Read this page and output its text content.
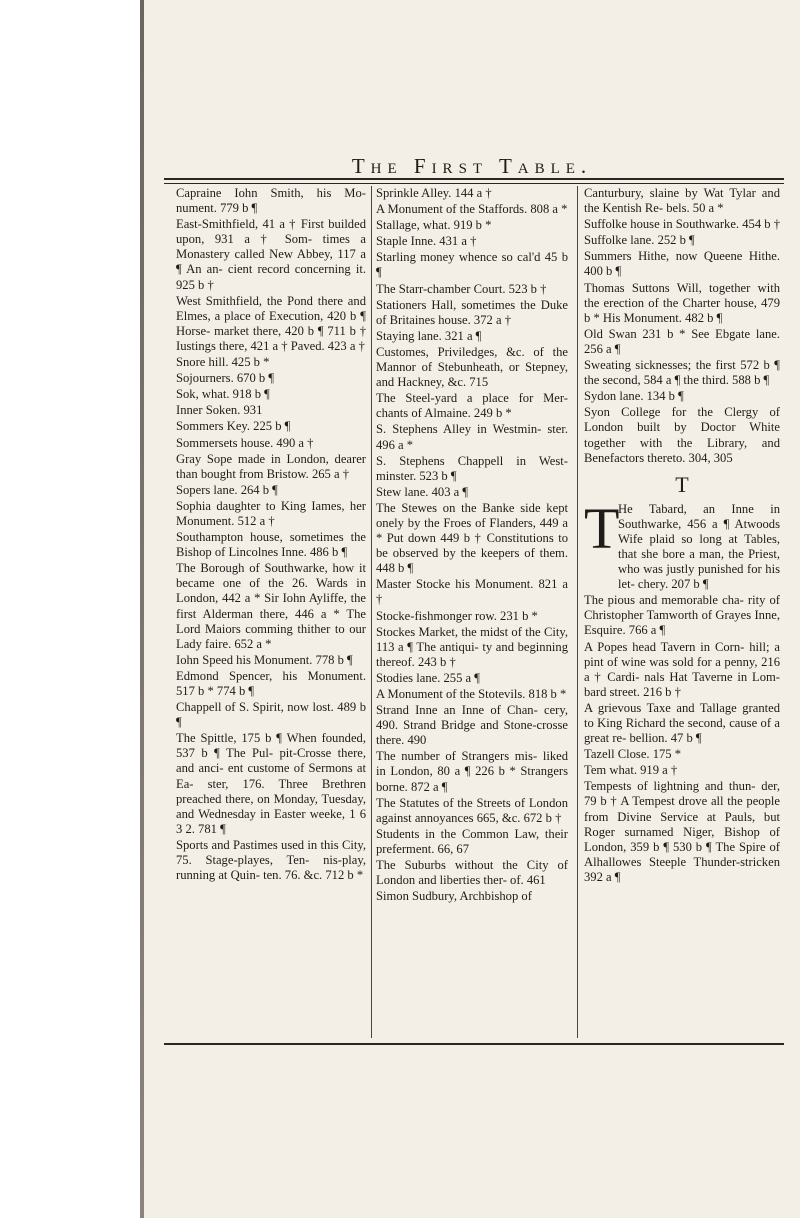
The First Table.

Capraine Iohn Smith, his Mo- nument. 779 b ¶

East-Smithfield, 41 a † First builded upon, 931 a † Som- times a Monastery called New Abbey, 117 a ¶ An an- cient record concerning it. 925 b †

West Smithfield, the Pond there and Elmes, a place of Execution, 420 b ¶ Horse- market there, 420 b ¶ 711 b † Iustings there, 421 a † Paved. 423 a †

Snore hill. 425 b *

Sojourners. 670 b ¶

Sok, what. 918 b ¶

Inner Soken. 931

Sommers Key. 225 b ¶

Sommersets house. 490 a †

Gray Sope made in London, dearer than bought from Bristow. 265 a †

Sopers lane. 264 b ¶

Sophia daughter to King Iames, her Monument. 512 a †

Southampton house, sometimes the Bishop of Lincolnes Inne. 486 b ¶

The Borough of Southwarke, how it became one of the 26. Wards in London, 442 a * Sir Iohn Ayliffe, the first Alderman there, 446 a * The Lord Maiors comming thither to our Lady faire. 652 a *

Iohn Speed his Monument. 778 b ¶

Edmond Spencer, his Monument. 517 b * 774 b ¶

Chappell of S. Spirit, now lost. 489 b ¶

The Spittle, 175 b ¶ When founded, 537 b ¶ The Pul- pit-Crosse there, and anci- ent custome of Sermons at Ea- ster, 176. Three Brethren preached there, on Monday, Tuesday, and Wednesday in Easter weeke, 1 6 3 2. 781 ¶

Sports and Pastimes used in this City, 75. Stage-playes, Ten- nis-play, running at Quin- ten. 76. &c. 712 b *

Sprinkle Alley. 144 a †

A Monument of the Staffords. 808 a *

Stallage, what. 919 b *

Staple Inne. 431 a †

Starling money whence so cal'd 45 b ¶

The Starr-chamber Court. 523 b †

Stationers Hall, sometimes the Duke of Britaines house. 372 a †

Staying lane. 321 a ¶

Customes, Priviledges, &c. of the Mannor of Stebunheath, or Stepney, and Hackney, &c. 715

The Steel-yard a place for Mer- chants of Almaine. 249 b *

S. Stephens Alley in Westmin- ster. 496 a *

S. Stephens Chappell in West- minster. 523 b ¶

Stew lane. 403 a ¶

The Stewes on the Banke side kept onely by the Froes of Flanders, 449 a * Put down 449 b † Constitutions to be observed by the keepers of them. 448 b ¶

Master Stocke his Monument. 821 a †

Stocke-fishmonger row. 231 b *

Stockes Market, the midst of the City, 113 a ¶ The antiqui- ty and beginning thereof. 243 b †

Stodies lane. 255 a ¶

A Monument of the Stotevils. 818 b *

Strand Inne an Inne of Chan- cery, 490. Strand Bridge and Stone-crosse there. 490

The number of Strangers mis- liked in London, 80 a ¶ 226 b * Strangers borne. 872 a ¶

The Statutes of the Streets of London against annoyances 665, &c. 672 b †

Students in the Common Law, their preferment. 66, 67

The Suburbs without the City of London and liberties ther- of. 461

Simon Sudbury, Archbishop of

Canturbury, slaine by Wat Tylar and the Kentish Re- bels. 50 a *

Suffolke house in Southwarke. 454 b †

Suffolke lane. 252 b ¶

Summers Hithe, now Queene Hithe. 400 b ¶

Thomas Suttons Will, together with the erection of the Charter house, 479 b * His Monument. 482 b ¶

Old Swan 231 b * See Ebgate lane. 256 a ¶

Sweating sicknesses; the first 572 b ¶ the second, 584 a ¶ the third. 588 b ¶

Sydon lane. 134 b ¶

Syon College for the Clergy of London built by Doctor White together with the Library, and Benefactors thereto. 304, 305

T
T

He Tabard, an Inne in Southwarke, 456 a ¶ Atwoods Wife plaid so long at Tables, that she bore a man, the Priest, who was justly punished for his let- chery. 207 b ¶

The pious and memorable cha- rity of Christopher Tamworth of Grayes Inne, Esquire. 766 a ¶

A Popes head Tavern in Corn- hill; a pint of wine was sold for a penny, 216 a † Cardi- nals Hat Taverne in Lom- bard street. 216 b †

A grievous Taxe and Tallage granted to King Richard the second, cause of a great re- bellion. 47 b ¶

Tazell Close. 175 *

Tem what. 919 a †

Tempests of lightning and thun- der, 79 b † A Tempest drove all the people from Divine Service at Pauls, but Roger surnamed Niger, Bishop of London, 359 b ¶ 530 b ¶ The Spire of Alhallowes Steeple Thunder-stricken 392 a ¶
